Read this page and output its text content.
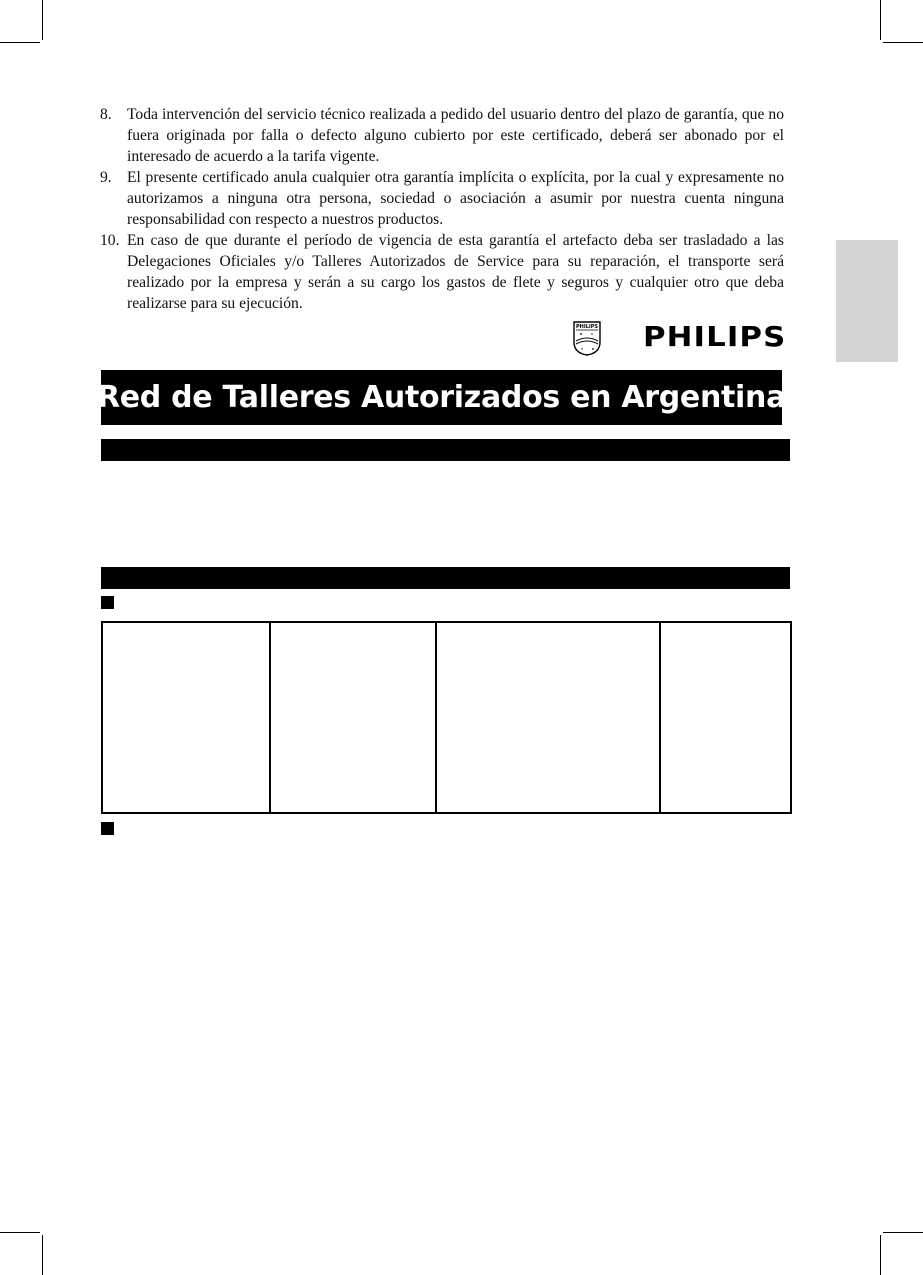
8. Toda intervención del servicio técnico realizada a pedido del usuario dentro del plazo de garantía, que no fuera originada por falla o defecto alguno cubierto por este certificado, deberá ser abonado por el interesado de acuerdo a la tarifa vigente.
9. El presente certificado anula cualquier otra garantía implícita o explícita, por la cual y expresamente no autorizamos a ninguna otra persona, sociedad o asociación a asumir por nuestra cuenta ninguna responsabilidad con respecto a nuestros productos.
10. En caso de que durante el período de vigencia de esta garantía el artefacto deba ser trasladado a las Delegaciones Oficiales y/o Talleres Autorizados de Service para su reparación, el transporte será realizado por la empresa y serán a su cargo los gastos de flete y seguros y cualquier otro que deba realizarse para su ejecución.
PHILIPS PHILIPS
Red de Talleres Autorizados en Argentina
